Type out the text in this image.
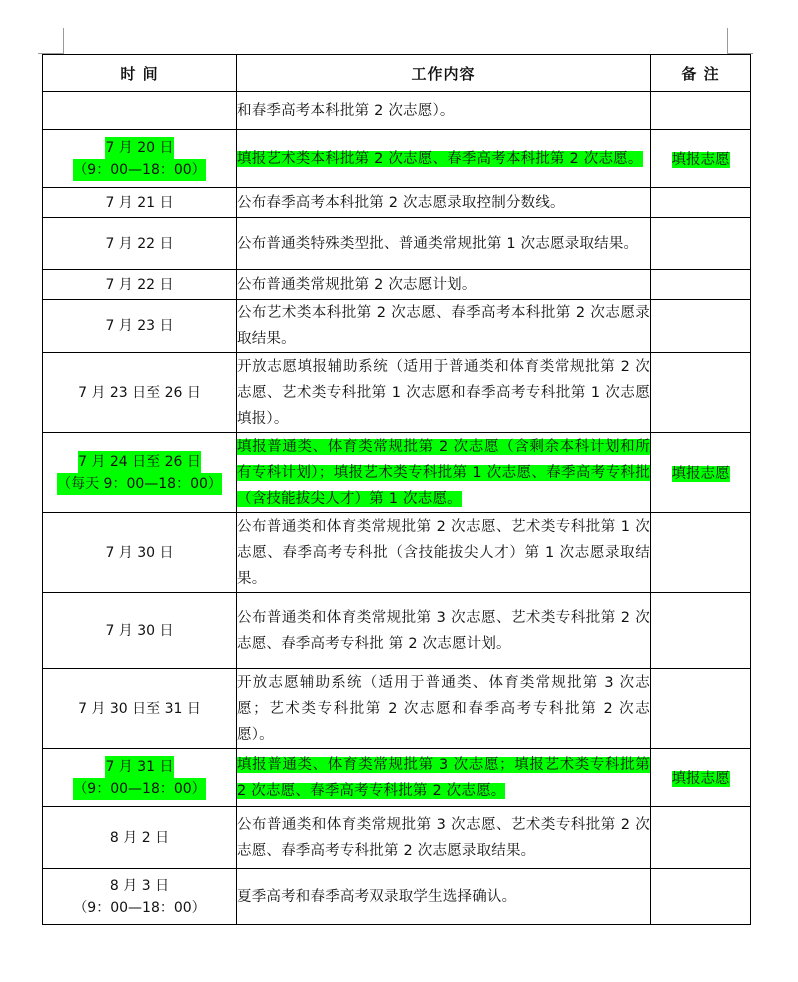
时 间	工作内容	备 注
	和春季高考本科批第 2 次志愿）。	
7 月 20 日
（9：00—18：00）	填报艺术类本科批第 2 次志愿、春季高考本科批第 2 次志愿。	填报志愿
7 月 21 日	公布春季高考本科批第 2 次志愿录取控制分数线。	
7 月 22 日	公布普通类特殊类型批、普通类常规批第 1 次志愿录取结果。	
7 月 22 日	公布普通类常规批第 2 次志愿计划。	
7 月 23 日	公布艺术类本科批第 2 次志愿、春季高考本科批第 2 次志愿录取结果。	
7 月 23 日至 26 日	开放志愿填报辅助系统（适用于普通类和体育类常规批第 2 次志愿、艺术类专科批第 1 次志愿和春季高考专科批第 1 次志愿填报）。	
7 月 24 日至 26 日
（每天 9：00—18：00）	填报普通类、体育类常规批第 2 次志愿（含剩余本科计划和所有专科计划）；填报艺术类专科批第 1 次志愿、春季高考专科批（含技能拔尖人才）第 1 次志愿。	填报志愿
7 月 30 日	公布普通类和体育类常规批第 2 次志愿、艺术类专科批第 1 次志愿、春季高考专科批（含技能拔尖人才）第 1 次志愿录取结果。	
7 月 30 日	公布普通类和体育类常规批第 3 次志愿、艺术类专科批第 2 次志愿、春季高考专科批 第 2 次志愿计划。	
7 月 30 日至 31 日	开放志愿辅助系统（适用于普通类、体育类常规批第 3 次志愿；艺术类专科批第 2 次志愿和春季高考专科批第 2 次志愿）。	
7 月 31 日
（9：00—18：00）	填报普通类、体育类常规批第 3 次志愿；填报艺术类专科批第 2 次志愿、春季高考专科批第 2 次志愿。	填报志愿
8 月 2 日	公布普通类和体育类常规批第 3 次志愿、艺术类专科批第 2 次志愿、春季高考专科批第 2 次志愿录取结果。	
8 月 3 日
（9：00—18：00）	夏季高考和春季高考双录取学生选择确认。	
